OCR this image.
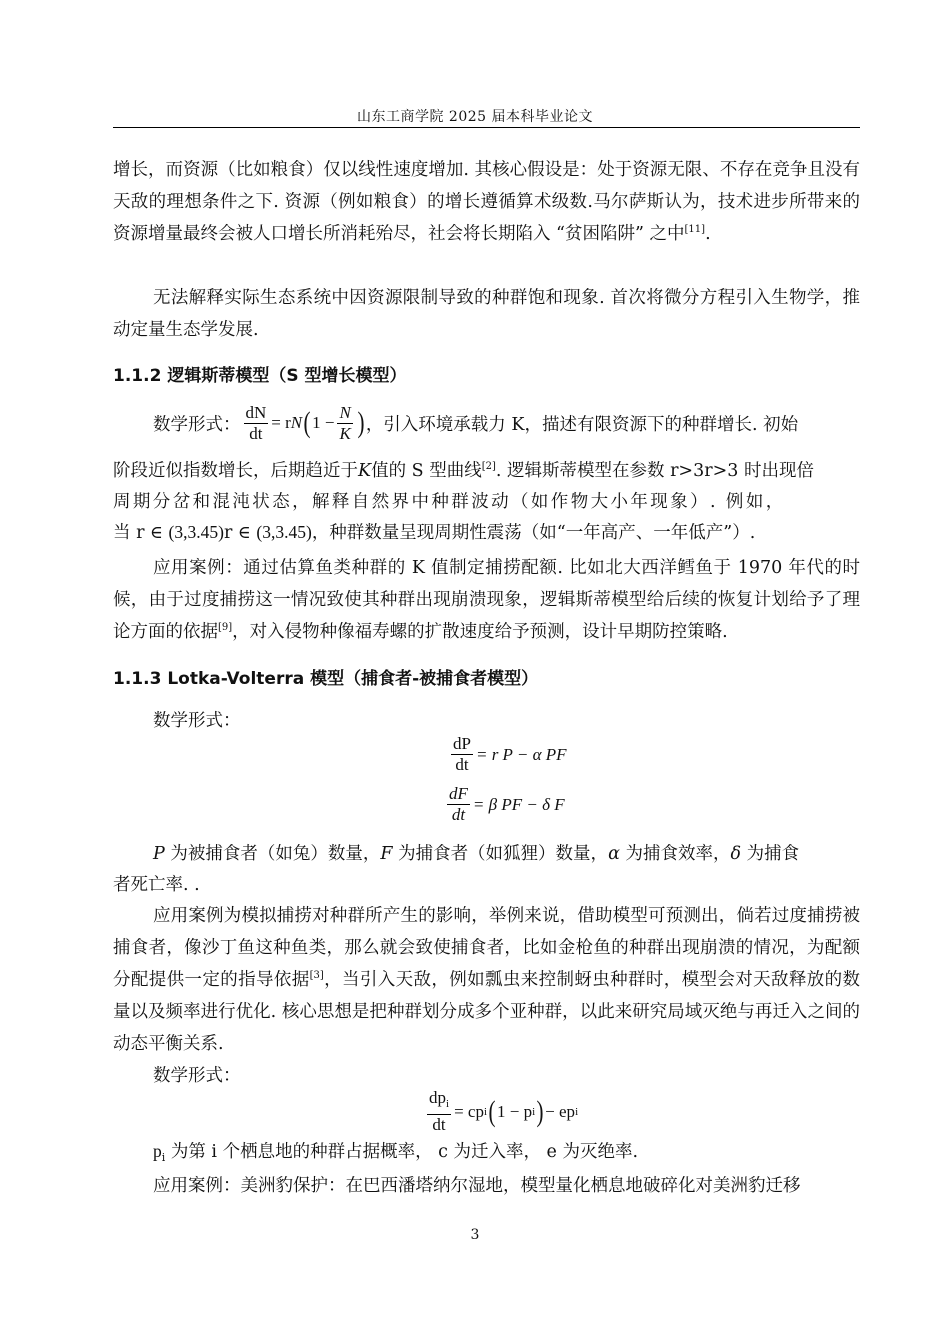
山东工商学院 2025 届本科毕业论文

增长，而资源（比如粮食）仅以线性速度增加. 其核心假设是：处于资源无限、不存在竞争且没有天敌的理想条件之下. 资源（例如粮食）的增长遵循算术级数.马尔萨斯认为，技术进步所带来的资源增量最终会被人口增长所消耗殆尽，社会将长期陷入 “贫困陷阱” 之中[11].

无法解释实际生态系统中因资源限制导致的种群饱和现象. 首次将微分方程引入生物学，推动定量生态学发展.

1.1.2 逻辑斯蒂模型（S 型增长模型）
数学形式： $\frac{dN}{dt} = r$ N ( $1 - \frac{N}{K}$ ) ，引入环境承载力 K，描述有限资源下的种群增长. 初始
阶段近似指数增长，后期趋近于K值的 S 型曲线[2]. 逻辑斯蒂模型在参数 r>3r>3 时出现倍
周期分岔和混沌状态，解释自然界中种群波动（如作物大小年现象）. 例如，
当 r ∈ (3,3.45)r ∈ (3,3.45)，种群数量呈现周期性震荡（如“一年高产、一年低产”）.

应用案例：通过估算鱼类种群的 K 值制定捕捞配额. 比如北大西洋鳕鱼于 1970 年代的时候，由于过度捕捞这一情况致使其种群出现崩溃现象，逻辑斯蒂模型给后续的恢复计划给予了理论方面的依据[9]，对入侵物种像福寿螺的扩散速度给予预测，设计早期防控策略.

1.1.3 Lotka-Volterra 模型（捕食者-被捕食者模型）
数学形式：
$\frac{dP}{dt} = r$ P − α PF
$\frac{dF}{dt} = \beta$ PF − δ F
P 为被捕食者（如兔）数量，F 为捕食者（如狐狸）数量，α 为捕食效率，δ 为捕食
者死亡率. .

应用案例为模拟捕捞对种群所产生的影响，举例来说，借助模型可预测出，倘若过度捕捞被捕食者，像沙丁鱼这种鱼类，那么就会致使捕食者，比如金枪鱼的种群出现崩溃的情况，为配额分配提供一定的指导依据[3]，当引入天敌，例如瓢虫来控制蚜虫种群时，模型会对天敌释放的数量以及频率进行优化. 核心思想是把种群划分成多个亚种群，以此来研究局域灭绝与再迁入之间的动态平衡关系.

数学形式：
$\frac{dp_i}{dt}$ = cp i ( 1 − p i ) − ep i
$p_i$ 为第 i 个栖息地的种群占据概率， c 为迁入率， e 为灭绝率.
应用案例：美洲豹保护：在巴西潘塔纳尔湿地，模型量化栖息地破碎化对美洲豹迁移
3
